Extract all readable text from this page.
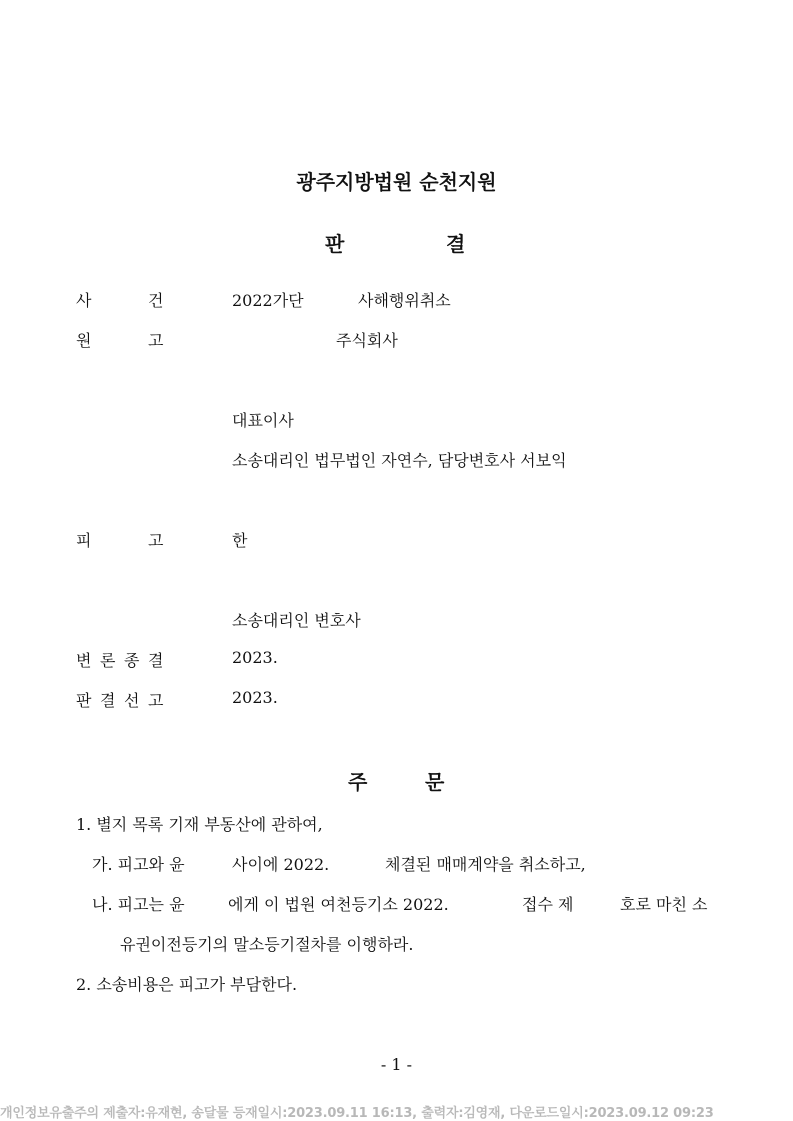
광주지방법원 순천지원
판	결
사	건	2022가단	사해행위취소
원	고	주식회사
대표이사
소송대리인 법무법인 자연수, 담당변호사 서보익
피	고	한
소송대리인 변호사
변 론 종 결	2023.
판 결 선 고	2023.
주	문
1. 별지 목록 기재 부동산에 관하여,
가. 피고와 윤	사이에 2022.	체결된 매매계약을 취소하고,
나. 피고는 윤	에게 이 법원 여천등기소 2022.	접수 제	호로 마친 소
유권이전등기의 말소등기절차를 이행하라.
2. 소송비용은 피고가 부담한다.
- 1 -
개인정보유출주의 제출자:유재현, 송달물 등재일시:2023.09.11 16:13, 출력자:김영재, 다운로드일시:2023.09.12 09:23
